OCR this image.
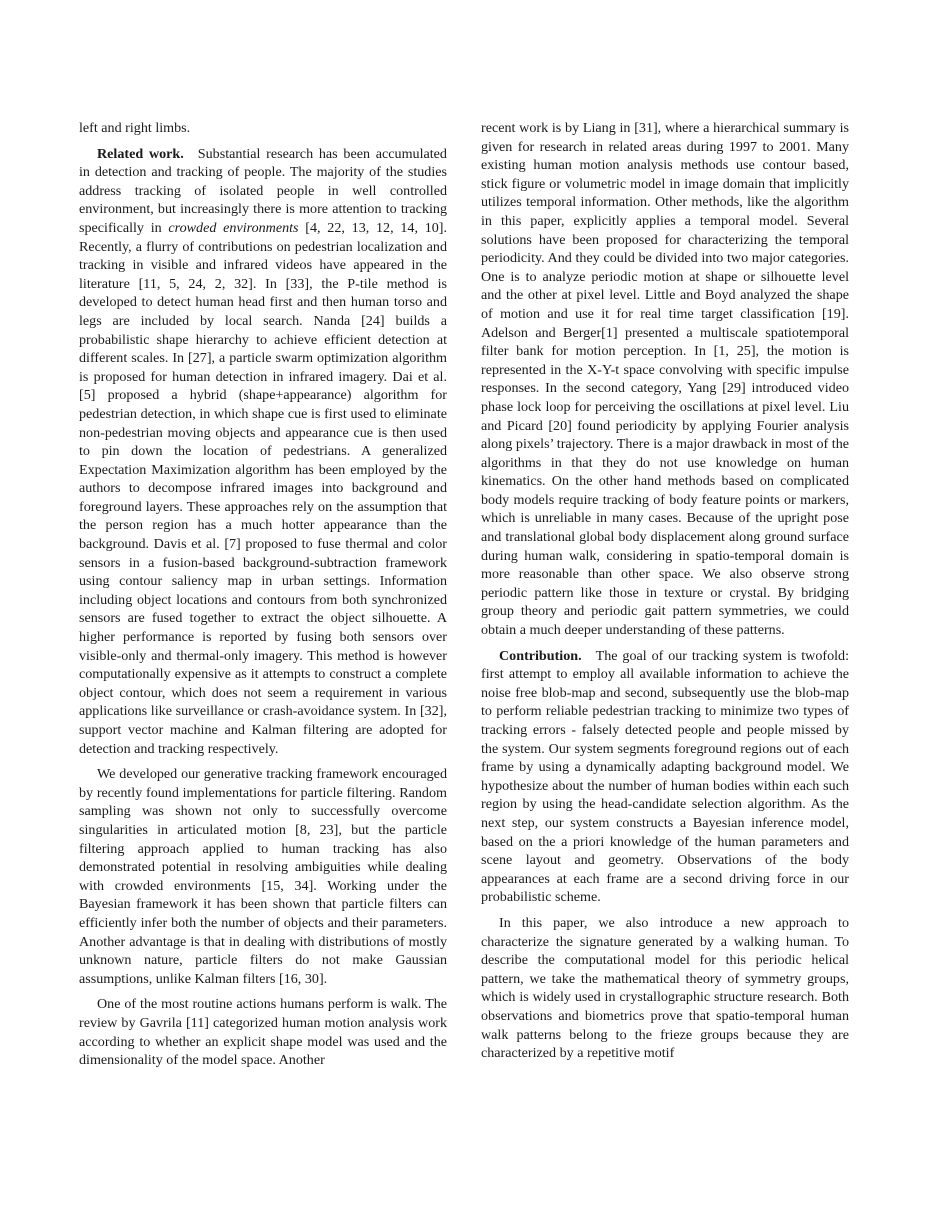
left and right limbs.

Related work. Substantial research has been accumulated in detection and tracking of people. The majority of the studies address tracking of isolated people in well controlled environment, but increasingly there is more attention to tracking specifically in crowded environments [4, 22, 13, 12, 14, 10]. Recently, a flurry of contributions on pedestrian localization and tracking in visible and infrared videos have appeared in the literature [11, 5, 24, 2, 32]. In [33], the P-tile method is developed to detect human head first and then human torso and legs are included by local search. Nanda [24] builds a probabilistic shape hierarchy to achieve efficient detection at different scales. In [27], a particle swarm optimization algorithm is proposed for human detection in infrared imagery. Dai et al. [5] proposed a hybrid (shape+appearance) algorithm for pedestrian detection, in which shape cue is first used to eliminate non-pedestrian moving objects and appearance cue is then used to pin down the location of pedestrians. A generalized Expectation Maximization algorithm has been employed by the authors to decompose infrared images into background and foreground layers. These approaches rely on the assumption that the person region has a much hotter appearance than the background. Davis et al. [7] proposed to fuse thermal and color sensors in a fusion-based background-subtraction framework using contour saliency map in urban settings. Information including object locations and contours from both synchronized sensors are fused together to extract the object silhouette. A higher performance is reported by fusing both sensors over visible-only and thermal-only imagery. This method is however computationally expensive as it attempts to construct a complete object contour, which does not seem a requirement in various applications like surveillance or crash-avoidance system. In [32], support vector machine and Kalman filtering are adopted for detection and tracking respectively.

We developed our generative tracking framework encouraged by recently found implementations for particle filtering. Random sampling was shown not only to successfully overcome singularities in articulated motion [8, 23], but the particle filtering approach applied to human tracking has also demonstrated potential in resolving ambiguities while dealing with crowded environments [15, 34]. Working under the Bayesian framework it has been shown that particle filters can efficiently infer both the number of objects and their parameters. Another advantage is that in dealing with distributions of mostly unknown nature, particle filters do not make Gaussian assumptions, unlike Kalman filters [16, 30].

One of the most routine actions humans perform is walk. The review by Gavrila [11] categorized human motion analysis work according to whether an explicit shape model was used and the dimensionality of the model space. Another

recent work is by Liang in [31], where a hierarchical summary is given for research in related areas during 1997 to 2001. Many existing human motion analysis methods use contour based, stick figure or volumetric model in image domain that implicitly utilizes temporal information. Other methods, like the algorithm in this paper, explicitly applies a temporal model. Several solutions have been proposed for characterizing the temporal periodicity. And they could be divided into two major categories. One is to analyze periodic motion at shape or silhouette level and the other at pixel level. Little and Boyd analyzed the shape of motion and use it for real time target classification [19]. Adelson and Berger[1] presented a multiscale spatiotemporal filter bank for motion perception. In [1, 25], the motion is represented in the X-Y-t space convolving with specific impulse responses. In the second category, Yang [29] introduced video phase lock loop for perceiving the oscillations at pixel level. Liu and Picard [20] found periodicity by applying Fourier analysis along pixels’ trajectory. There is a major drawback in most of the algorithms in that they do not use knowledge on human kinematics. On the other hand methods based on complicated body models require tracking of body feature points or markers, which is unreliable in many cases. Because of the upright pose and translational global body displacement along ground surface during human walk, considering in spatio-temporal domain is more reasonable than other space. We also observe strong periodic pattern like those in texture or crystal. By bridging group theory and periodic gait pattern symmetries, we could obtain a much deeper understanding of these patterns.

Contribution. The goal of our tracking system is twofold: first attempt to employ all available information to achieve the noise free blob-map and second, subsequently use the blob-map to perform reliable pedestrian tracking to minimize two types of tracking errors - falsely detected people and people missed by the system. Our system segments foreground regions out of each frame by using a dynamically adapting background model. We hypothesize about the number of human bodies within each such region by using the head-candidate selection algorithm. As the next step, our system constructs a Bayesian inference model, based on the a priori knowledge of the human parameters and scene layout and geometry. Observations of the body appearances at each frame are a second driving force in our probabilistic scheme.

In this paper, we also introduce a new approach to characterize the signature generated by a walking human. To describe the computational model for this periodic helical pattern, we take the mathematical theory of symmetry groups, which is widely used in crystallographic structure research. Both observations and biometrics prove that spatio-temporal human walk patterns belong to the frieze groups because they are characterized by a repetitive motif
